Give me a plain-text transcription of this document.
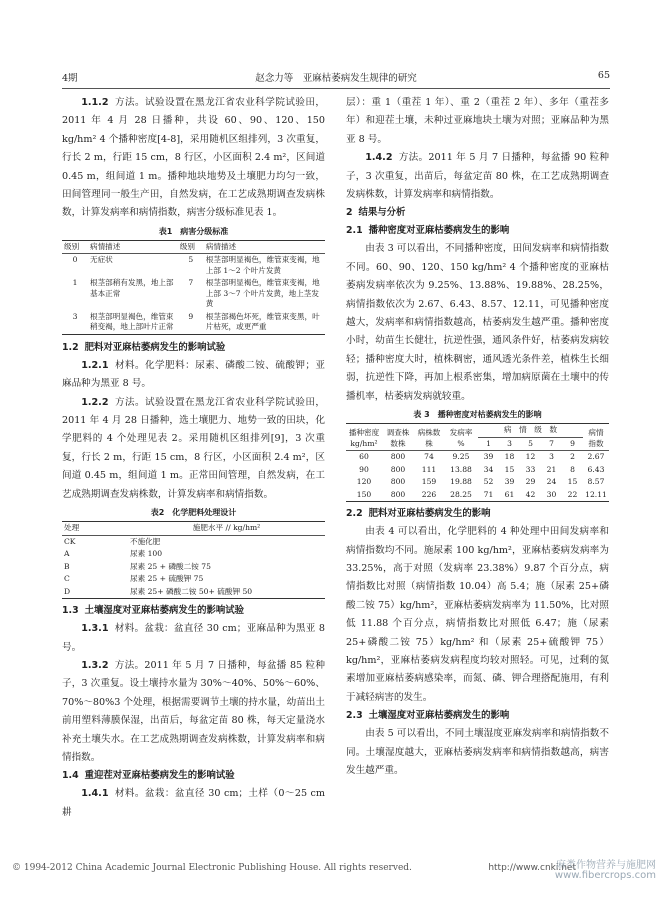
4期	赵念力等　亚麻枯萎病发生规律的研究	65

1.1.2 方法。试验设置在黑龙江省农业科学院试验田，2011 年 4 月 28 日播种，共设 60、90、120、150 kg/hm² 4 个播种密度[4-8]，采用随机区组排列，3 次重复，行长 2 m，行距 15 cm，8 行区，小区面积 2.4 m²，区间道 0.45 m，组间道 1 m。播种地块地势及土壤肥力均匀一致，田间管理同一般生产田，自然发病，在工艺成熟期调查发病株数，计算发病率和病情指数，病害分级标准见表 1。

表1 病害分级标准
级别	病情描述	级别	病情描述
0	无症状	5	根茎部明显褐色，维管束变褐，地上部 1～2 个叶片发黄
1	根茎部稍有发黑，地上部基本正常	7	根茎部明显褐色，维管束变褐，地上部 3～7 个叶片发黄，地上茎发黄
3	根茎部明显褐色，维管束稍变褐，地上部叶片正常	9	根茎部褐色坏死，维管束变黑，叶片枯死，或更严重

1.2 肥料对亚麻枯萎病发生的影响试验

1.2.1 材料。化学肥料：尿素、磷酸二铵、硫酸钾；亚麻品种为黑亚 8 号。

1.2.2 方法。试验设置在黑龙江省农业科学院试验田，2011 年 4 月 28 日播种，选土壤肥力、地势一致的田块，化学肥料的 4 个处理见表 2。采用随机区组排列[9]，3 次重复，行长 2 m，行距 15 cm，8 行区，小区面积 2.4 m²，区间道 0.45 m，组间道 1 m。正常田间管理，自然发病，在工艺成熟期调查发病株数，计算发病率和病情指数。

表2 化学肥料处理设计
处理	施肥水平 // kg/hm²
CK	不施化肥
A	尿素 100
B	尿素 25 + 磷酸二铵 75
C	尿素 25 + 硫酸钾 75
D	尿素 25+ 磷酸二铵 50+ 硫酸钾 50

1.3 土壤湿度对亚麻枯萎病发生的影响试验

1.3.1 材料。盆栽：盆直径 30 cm；亚麻品种为黑亚 8 号。

1.3.2 方法。2011 年 5 月 7 日播种，每盆播 85 粒种子，3 次重复。设土壤持水量为 30%～40%、50%～60%、70%～80%3 个处理，根据需要调节土壤的持水量，幼苗出土前用塑料薄膜保湿，出苗后，每盆定苗 80 株，每天定量浇水补充土壤失水。在工艺成熟期调查发病株数，计算发病率和病情指数。

1.4 重迎茬对亚麻枯萎病发生的影响试验

1.4.1 材料。盆栽：盆直径 30 cm；土样（0～25 cm 耕

层）：重 1（重茬 1 年）、重 2（重茬 2 年）、多年（重茬多年）和迎茬土壤，未种过亚麻地块土壤为对照；亚麻品种为黑亚 8 号。

1.4.2 方法。2011 年 5 月 7 日播种，每盆播 90 粒种子，3 次重复，出苗后，每盆定苗 80 株，在工艺成熟期调查发病株数，计算发病率和病情指数。

2 结果与分析

2.1 播种密度对亚麻枯萎病发生的影响

由表 3 可以看出，不同播种密度，田间发病率和病情指数不同。60、90、120、150 kg/hm² 4 个播种密度的亚麻枯萎病发病率依次为 9.25%、13.88%、19.88%、28.25%，病情指数依次为 2.67、6.43、8.57、12.11，可见播种密度越大，发病率和病情指数越高，枯萎病发生越严重。播种密度小时，幼苗生长健壮，抗逆性强，通风条件好，枯萎病发病较轻；播种密度大时，植株稠密，通风透光条件差，植株生长细弱，抗逆性下降，再加上根系密集，增加病原菌在土壤中的传播机率，枯萎病发病就较重。

表 3 播种密度对枯萎病发生的影响
播种密度 kg/hm²	调查株数株	病株数株	发病率 %	病　情　级　数					病情指数
				1	3	5	7	9	
60	800	74	9.25	39	18	12	3	2	2.67
90	800	111	13.88	34	15	33	21	8	6.43
120	800	159	19.88	52	39	29	24	15	8.57
150	800	226	28.25	71	61	42	30	22	12.11

2.2 肥料对亚麻枯萎病发生的影响

由表 4 可以看出，化学肥料的 4 种处理中田间发病率和病情指数均不同。施尿素 100 kg/hm²，亚麻枯萎病发病率为 33.25%，高于对照（发病率 23.38%）9.87 个百分点，病情指数比对照（病情指数 10.04）高 5.4；施（尿素 25+磷酸二铵 75）kg/hm²，亚麻枯萎病发病率为 11.50%，比对照低 11.88 个百分点，病情指数比对照低 6.47；施（尿素 25+磷酸二铵 75）kg/hm² 和（尿素 25+硫酸钾 75）kg/hm²，亚麻枯萎病发病程度均较对照轻。可见，过剩的氮素增加亚麻枯萎病感染率，而氮、磷、钾合理搭配施用，有利于减轻病害的发生。

2.3 土壤湿度对亚麻枯萎病发生的影响

由表 5 可以看出，不同土壤湿度亚麻发病率和病情指数不同。土壤湿度越大，亚麻枯萎病发病率和病情指数越高，病害发生越严重。

© 1994-2012 China Academic Journal Electronic Publishing House. All rights reserved.	http://www.cnki.net
麻类作物营养与施肥网
www.fibercrops.com
